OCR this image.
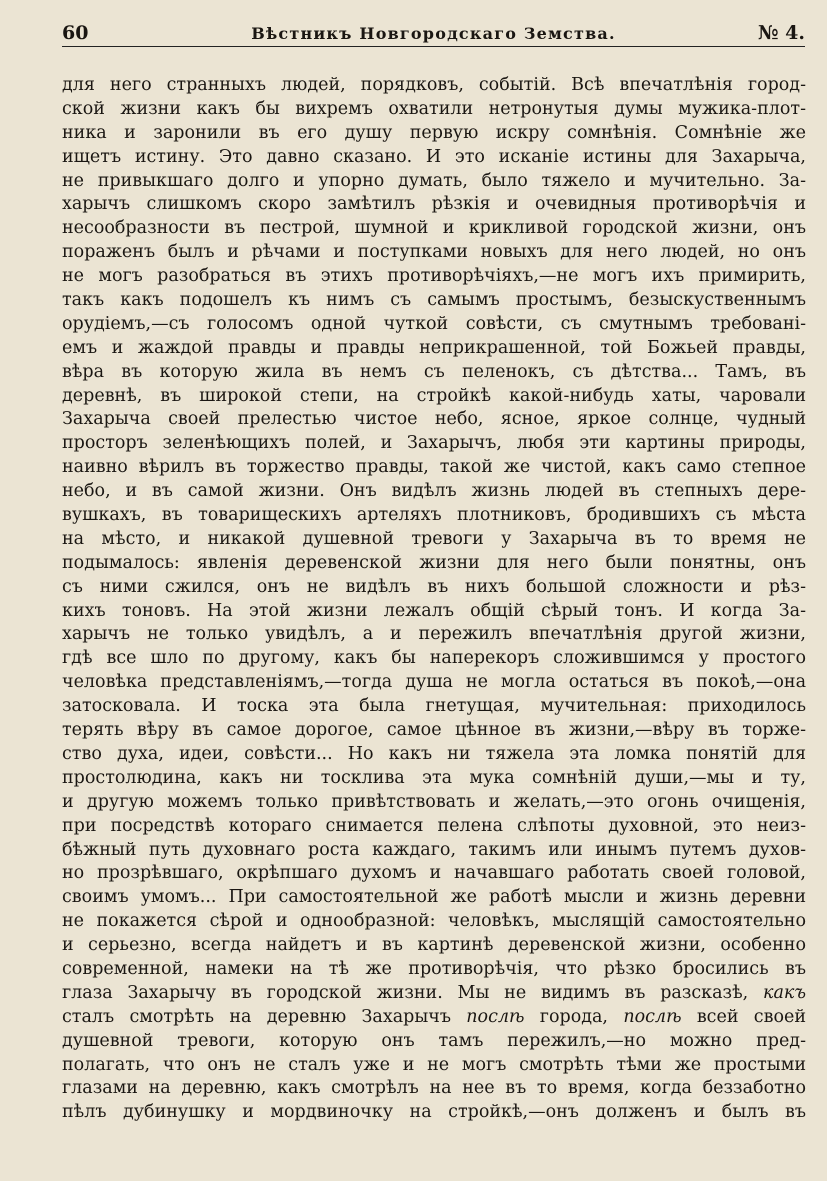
60	Вѣстникъ Новгородскаго Земства.	№ 4.
для него странныхъ людей, порядковъ, событій. Всѣ впечатлѣнія город-
ской жизни какъ бы вихремъ охватили нетронутыя думы мужика-плот-
ника и заронили въ его душу первую искру сомнѣнія. Сомнѣніе же
ищетъ истину. Это давно сказано. И это исканіе истины для Захарыча,
не привыкшаго долго и упорно думать, было тяжело и мучительно. За-
харычъ слишкомъ скоро замѣтилъ рѣзкія и очевидныя противорѣчія и
несообразности въ пестрой, шумной и крикливой городской жизни, онъ
пораженъ былъ и рѣчами и поступками новыхъ для него людей, но онъ
не могъ разобраться въ этихъ противорѣчіяхъ,—не могъ ихъ примирить,
такъ какъ подошелъ къ нимъ съ самымъ простымъ, безыскуственнымъ
орудіемъ,—съ голосомъ одной чуткой совѣсти, съ смутнымъ требовані-
емъ и жаждой правды и правды неприкрашенной, той Божьей правды,
вѣра въ которую жила въ немъ съ пеленокъ, съ дѣтства... Тамъ, въ
деревнѣ, въ широкой степи, на стройкѣ какой-нибудь хаты, чаровали
Захарыча своей прелестью чистое небо, ясное, яркое солнце, чудный
просторъ зеленѣющихъ полей, и Захарычъ, любя эти картины природы,
наивно вѣрилъ въ торжество правды, такой же чистой, какъ само степное
небо, и въ самой жизни. Онъ видѣлъ жизнь людей въ степныхъ дере-
вушкахъ, въ товарищескихъ артеляхъ плотниковъ, бродившихъ съ мѣста
на мѣсто, и никакой душевной тревоги у Захарыча въ то время не
подымалось: явленія деревенской жизни для него были понятны, онъ
съ ними сжился, онъ не видѣлъ въ нихъ большой сложности и рѣз-
кихъ тоновъ. На этой жизни лежалъ общій сѣрый тонъ. И когда За-
харычъ не только увидѣлъ, а и пережилъ впечатлѣнія другой жизни,
гдѣ все шло по другому, какъ бы наперекоръ сложившимся у простого
человѣка представленіямъ,—тогда душа не могла остаться въ покоѣ,—она
затосковала. И тоска эта была гнетущая, мучительная: приходилось
терять вѣру въ самое дорогое, самое цѣнное въ жизни,—вѣру въ торже-
ство духа, идеи, совѣсти... Но какъ ни тяжела эта ломка понятій для
простолюдина, какъ ни тосклива эта мука сомнѣній души,—мы и ту,
и другую можемъ только привѣтствовать и желать,—это огонь очищенія,
при посредствѣ котораго снимается пелена слѣпоты духовной, это неиз-
бѣжный путь духовнаго роста каждаго, такимъ или инымъ путемъ духов-
но прозрѣвшаго, окрѣпшаго духомъ и начавшаго работать своей головой,
своимъ умомъ... При самостоятельной же работѣ мысли и жизнь деревни
не покажется сѣрой и однообразной: человѣкъ, мыслящій самостоятельно
и серьезно, всегда найдетъ и въ картинѣ деревенской жизни, особенно
современной, намеки на тѣ же противорѣчія, что рѣзко бросились въ
глаза Захарычу въ городской жизни. Мы не видимъ въ разсказѣ, какъ
сталъ смотрѣть на деревню Захарычъ послѣ города, послѣ всей своей
душевной тревоги, которую онъ тамъ пережилъ,—но можно пред-
полагать, что онъ не сталъ уже и не могъ смотрѣть тѣми же простыми
глазами на деревню, какъ смотрѣлъ на нее въ то время, когда беззаботно
пѣлъ дубинушку и мордвиночку на стройкѣ,—онъ долженъ и былъ въ
